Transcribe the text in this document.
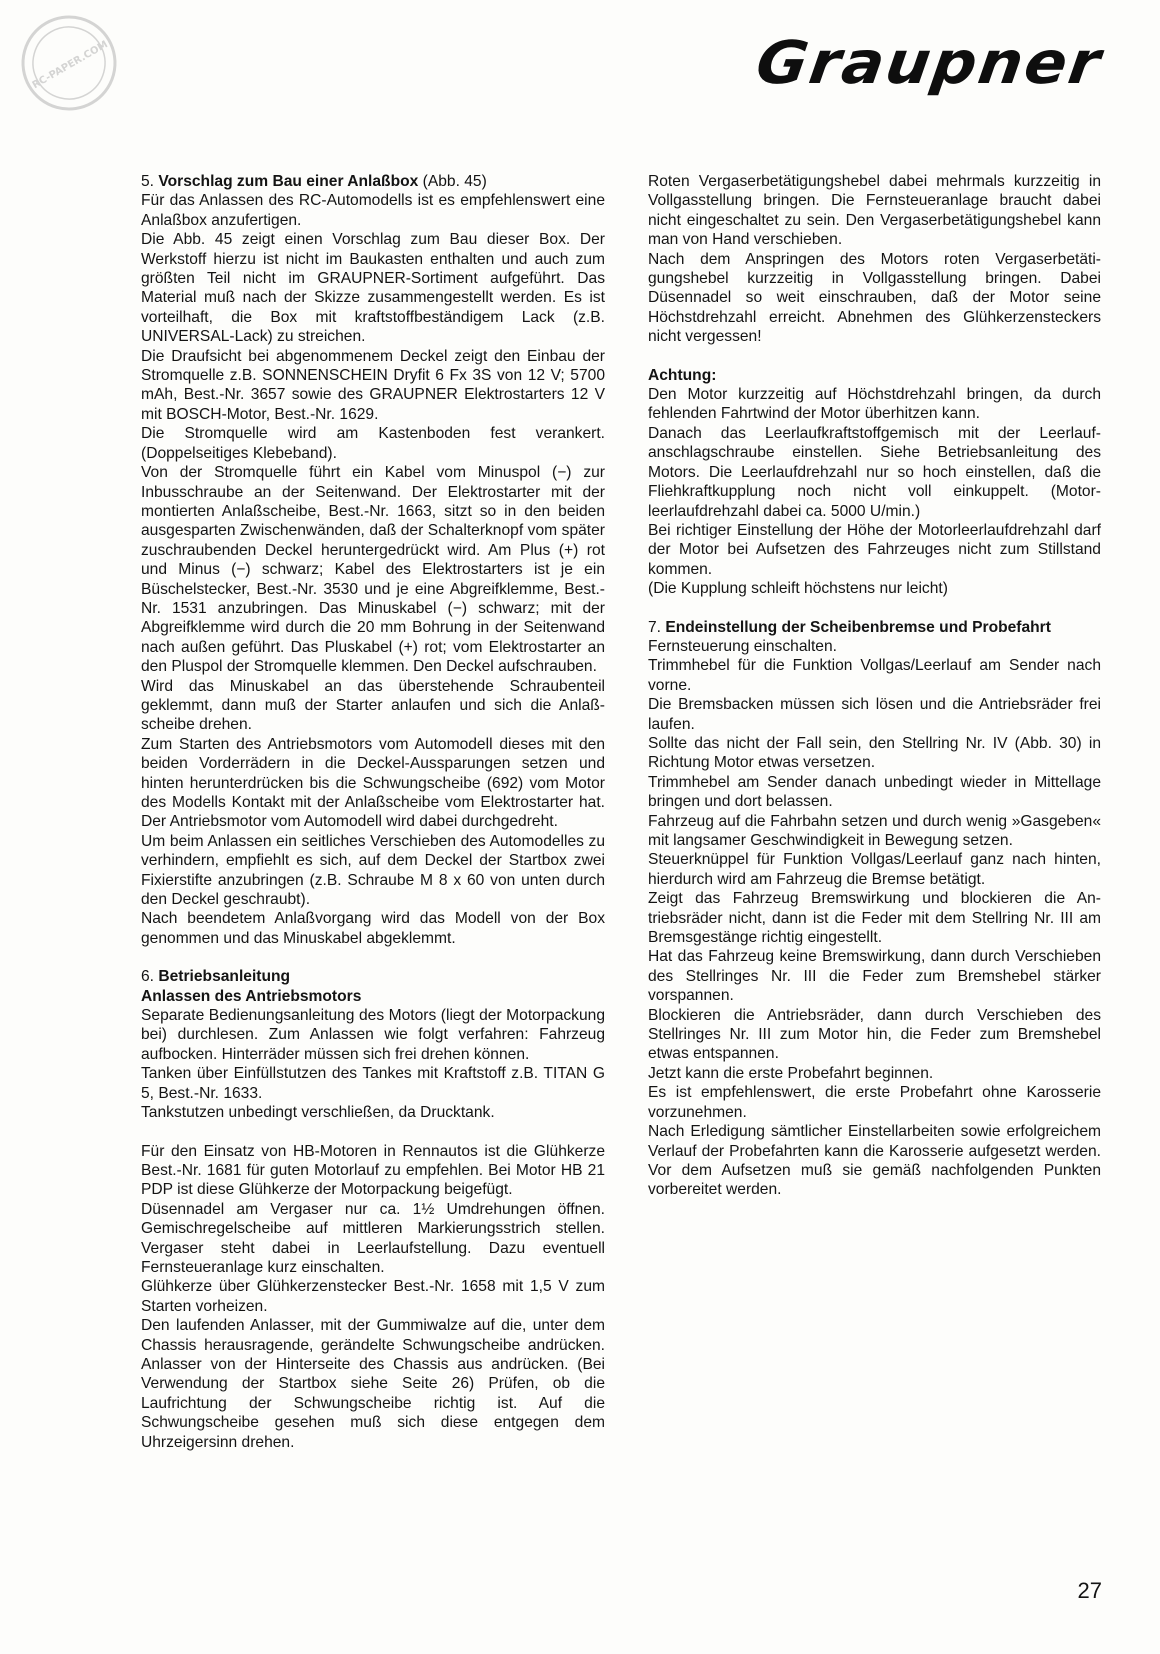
RC-PAPER.COM	Graupner

5. Vorschlag zum Bau einer Anlaßbox (Abb. 45)

Für das Anlassen des RC-Automodells ist es empfehlenswert eine Anlaßbox anzufertigen.

Die Abb. 45 zeigt einen Vorschlag zum Bau dieser Box. Der Werkstoff hierzu ist nicht im Baukasten enthalten und auch zum größten Teil nicht im GRAUPNER-Sortiment aufgeführt. Das Material muß nach der Skizze zusammengestellt werden. Es ist vorteilhaft, die Box mit kraftstoffbeständigem Lack (z.B. UNIVERSAL-Lack) zu streichen.

Die Draufsicht bei abgenommenem Deckel zeigt den Einbau der Stromquelle z.B. SONNENSCHEIN Dryfit 6 Fx 3S von 12 V; 5700 mAh, Best.-Nr. 3657 sowie des GRAUPNER Elektrostarters 12 V mit BOSCH-Motor, Best.-Nr. 1629.

Die Stromquelle wird am Kastenboden fest verankert. (Doppelseitiges Klebeband).

Von der Stromquelle führt ein Kabel vom Minuspol (−) zur Inbusschraube an der Seitenwand. Der Elektrostarter mit der montierten Anlaßscheibe, Best.-Nr. 1663, sitzt so in den beiden ausgesparten Zwischenwänden, daß der Schalterknopf vom später zuschraubenden Deckel heruntergedrückt wird. Am Plus (+) rot und Minus (−) schwarz; Kabel des Elektrostarters ist je ein Büschelstecker, Best.-Nr. 3530 und je eine Abgreifklemme, Best.-Nr. 1531 anzubringen. Das Minuskabel (−) schwarz; mit der Abgreifklemme wird durch die 20 mm Bohrung in der Seitenwand nach außen geführt. Das Pluskabel (+) rot; vom Elektrostarter an den Pluspol der Stromquelle klemmen. Den Deckel aufschrauben.

Wird das Minuskabel an das überstehende Schraubenteil geklemmt, dann muß der Starter anlaufen und sich die Anlaßscheibe drehen.

Zum Starten des Antriebsmotors vom Automodell dieses mit den beiden Vorderrädern in die Deckel-Aussparungen setzen und hinten herunterdrücken bis die Schwungscheibe (692) vom Motor des Modells Kontakt mit der Anlaßscheibe vom Elektrostarter hat. Der Antriebsmotor vom Automodell wird dabei durchgedreht.

Um beim Anlassen ein seitliches Verschieben des Automodelles zu verhindern, empfiehlt es sich, auf dem Deckel der Startbox zwei Fixierstifte anzubringen (z.B. Schraube M 8 x 60 von unten durch den Deckel geschraubt).

Nach beendetem Anlaßvorgang wird das Modell von der Box genommen und das Minuskabel abgeklemmt.

6. Betriebsanleitung

Anlassen des Antriebsmotors

Separate Bedienungsanleitung des Motors (liegt der Motorpackung bei) durchlesen. Zum Anlassen wie folgt verfahren: Fahrzeug aufbocken. Hinterräder müssen sich frei drehen können.

Tanken über Einfüllstutzen des Tankes mit Kraftstoff z.B. TITAN G 5, Best.-Nr. 1633.

Tankstutzen unbedingt verschließen, da Drucktank.

Für den Einsatz von HB-Motoren in Rennautos ist die Glühkerze Best.-Nr. 1681 für guten Motorlauf zu empfehlen. Bei Motor HB 21 PDP ist diese Glühkerze der Motorpackung beigefügt.

Düsennadel am Vergaser nur ca. 1½ Umdrehungen öffnen. Gemischregelscheibe auf mittleren Markierungsstrich stellen. Vergaser steht dabei in Leerlaufstellung. Dazu eventuell Fernsteueranlage kurz einschalten.

Glühkerze über Glühkerzenstecker Best.-Nr. 1658 mit 1,5 V zum Starten vorheizen.

Den laufenden Anlasser, mit der Gummiwalze auf die, unter dem Chassis herausragende, gerändelte Schwungscheibe andrücken. Anlasser von der Hinterseite des Chassis aus andrücken. (Bei Verwendung der Startbox siehe Seite 26) Prüfen, ob die Laufrichtung der Schwungscheibe richtig ist. Auf die Schwungscheibe gesehen muß sich diese entgegen dem Uhrzeigersinn drehen.

Roten Vergaserbetätigungshebel dabei mehrmals kurzzeitig in Vollgasstellung bringen. Die Fernsteueranlage braucht dabei nicht eingeschaltet zu sein. Den Vergaserbetätigungshebel kann man von Hand verschieben.

Nach dem Anspringen des Motors roten Vergaserbetätigungshebel kurzzeitig in Vollgasstellung bringen. Dabei Düsennadel so weit einschrauben, daß der Motor seine Höchstdrehzahl erreicht. Abnehmen des Glühkerzensteckers nicht vergessen!

Achtung:

Den Motor kurzzeitig auf Höchstdrehzahl bringen, da durch fehlenden Fahrtwind der Motor überhitzen kann.

Danach das Leerlaufkraftstoffgemisch mit der Leerlaufanschlagschraube einstellen. Siehe Betriebsanleitung des Motors. Die Leerlaufdrehzahl nur so hoch einstellen, daß die Fliehkraftkupplung noch nicht voll einkuppelt. (Motorleerlaufdrehzahl dabei ca. 5000 U/min.)

Bei richtiger Einstellung der Höhe der Motorleerlaufdrehzahl darf der Motor bei Aufsetzen des Fahrzeuges nicht zum Stillstand kommen.

(Die Kupplung schleift höchstens nur leicht)

7. Endeinstellung der Scheibenbremse und Probefahrt

Fernsteuerung einschalten.

Trimmhebel für die Funktion Vollgas/Leerlauf am Sender nach vorne.

Die Bremsbacken müssen sich lösen und die Antriebsräder frei laufen.

Sollte das nicht der Fall sein, den Stellring Nr. IV (Abb. 30) in Richtung Motor etwas versetzen.

Trimmhebel am Sender danach unbedingt wieder in Mittellage bringen und dort belassen.

Fahrzeug auf die Fahrbahn setzen und durch wenig »Gasgeben« mit langsamer Geschwindigkeit in Bewegung setzen.

Steuerknüppel für Funktion Vollgas/Leerlauf ganz nach hinten, hierdurch wird am Fahrzeug die Bremse betätigt.

Zeigt das Fahrzeug Bremswirkung und blockieren die Antriebsräder nicht, dann ist die Feder mit dem Stellring Nr. III am Bremsgestänge richtig eingestellt.

Hat das Fahrzeug keine Bremswirkung, dann durch Verschieben des Stellringes Nr. III die Feder zum Bremshebel stärker vorspannen.

Blockieren die Antriebsräder, dann durch Verschieben des Stellringes Nr. III zum Motor hin, die Feder zum Bremshebel etwas entspannen.

Jetzt kann die erste Probefahrt beginnen.

Es ist empfehlenswert, die erste Probefahrt ohne Karosserie vorzunehmen.

Nach Erledigung sämtlicher Einstellarbeiten sowie erfolgreichem Verlauf der Probefahrten kann die Karosserie aufgesetzt werden. Vor dem Aufsetzen muß sie gemäß nachfolgenden Punkten vorbereitet werden.

27
